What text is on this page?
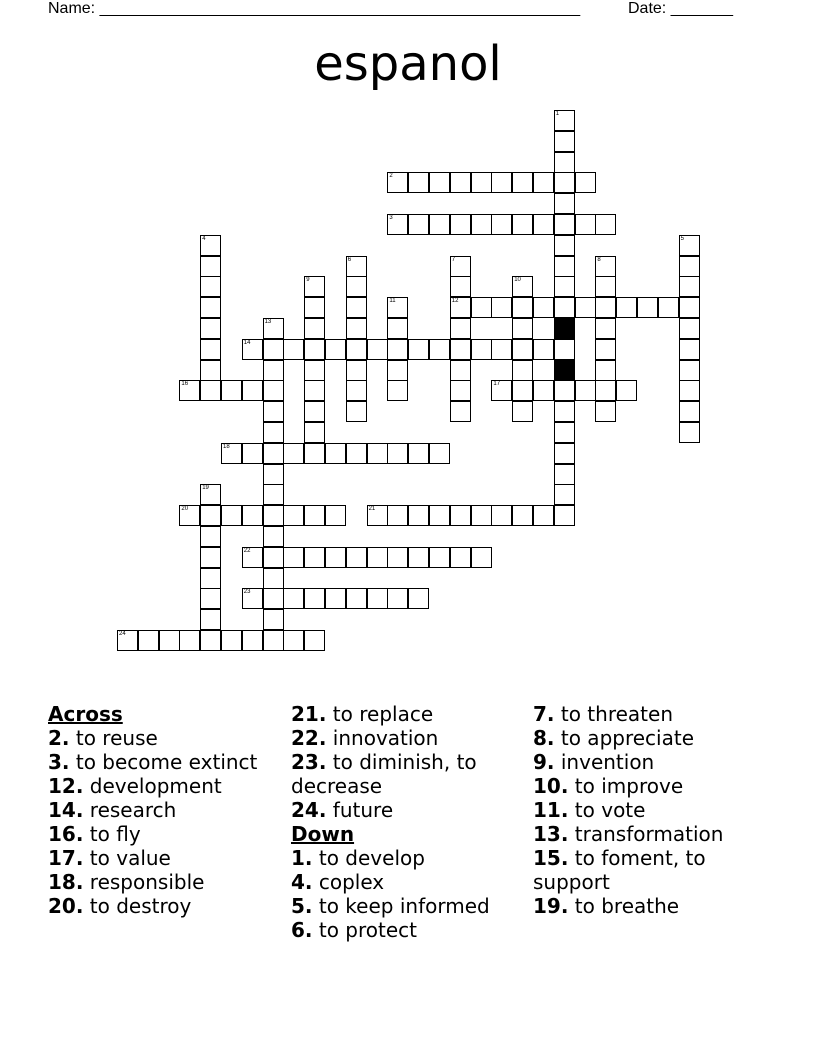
Name: ______________________________________________________	Date: _______
espanol
1
15
2
3
4	5
6	7
12
8
9	10
11
13
14
16	17
18
19
20	21
22
23
24
Across
2. to reuse
3. to become extinct
12. development
14. research
16. to fly
17. to value
18. responsible
20. to destroy
21. to replace
22. innovation
23. to diminish, to decrease
24. future
Down
1. to develop
4. coplex
5. to keep informed
6. to protect
7. to threaten
8. to appreciate
9. invention
10. to improve
11. to vote
13. transformation
15. to foment, to support
19. to breathe
